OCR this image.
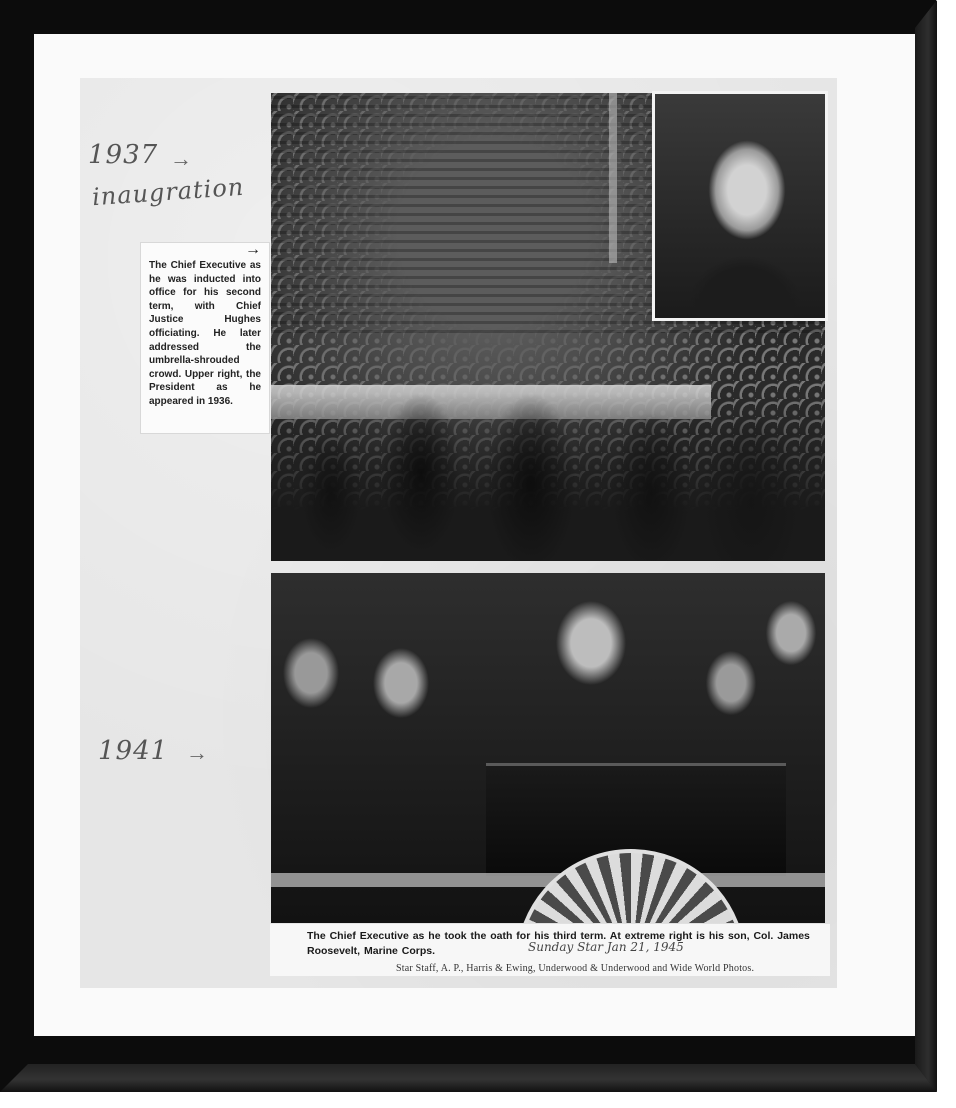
1937 →
inaugration
→
The Chief Executive as he was inducted into office for his second term, with Chief Justice Hughes officiating. He later addressed the umbrella-shrouded crowd. Upper right, the President as he appeared in 1936.
1941 →
The Chief Executive as he took the oath for his third term. At extreme right is his son, Col. James Roosevelt, Marine Corps.	Sunday Star Jan 21, 1945
Star Staff, A. P., Harris & Ewing, Underwood & Underwood and Wide World Photos.
